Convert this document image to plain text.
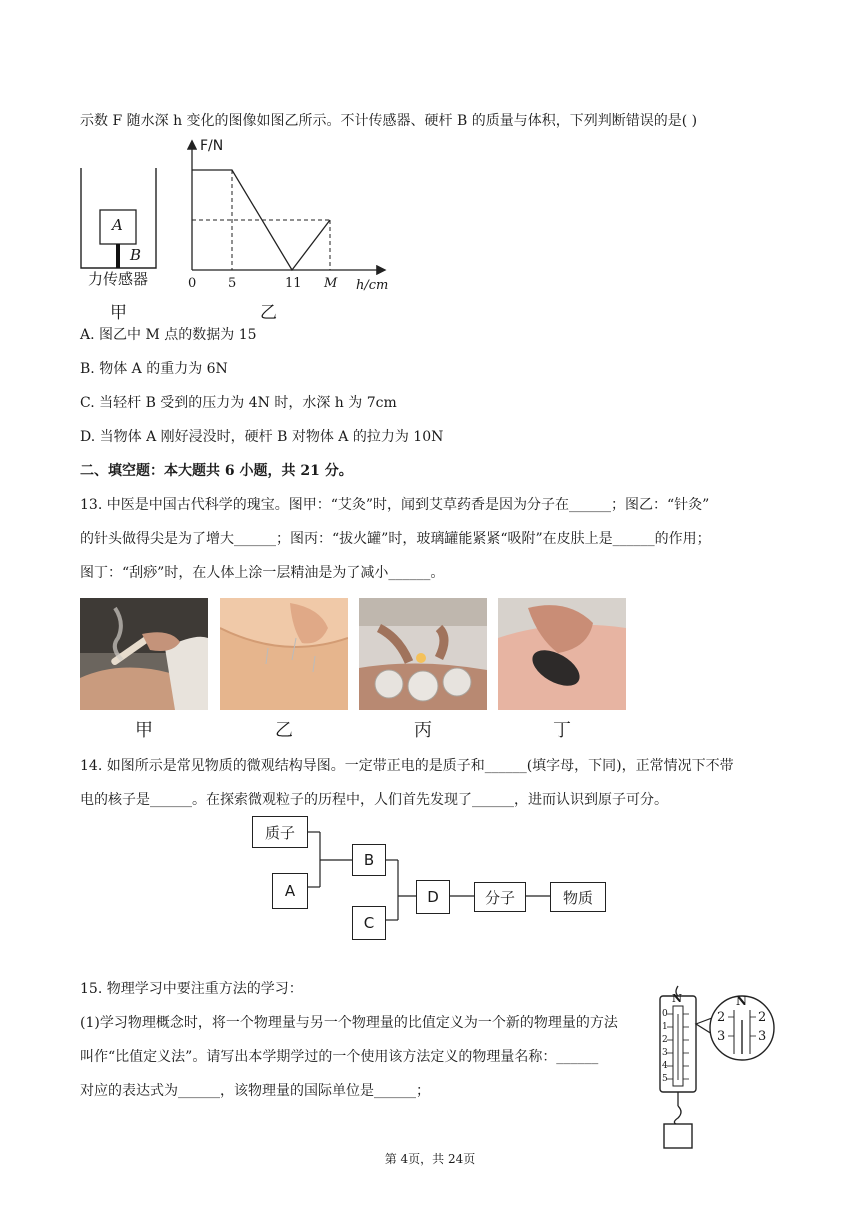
示数 F 随水深 h 变化的图像如图乙所示。不计传感器、硬杆 B 的质量与体积，下列判断错误的是( )
A
B
力传感器
甲
F/N
h/cm
0 5	11 M
乙
A. 图乙中 M 点的数据为 15
B. 物体 A 的重力为 6N
C. 当轻杆 B 受到的压力为 4N 时，水深 h 为 7cm
D. 当物体 A 刚好浸没时，硬杆 B 对物体 A 的拉力为 10N
二、填空题：本大题共 6 小题，共 21 分。
13. 中医是中国古代科学的瑰宝。图甲：“艾灸”时，闻到艾草药香是因为分子在______；图乙：“针灸”
的针头做得尖是为了增大______；图丙：“拔火罐”时，玻璃罐能紧紧“吸附”在皮肤上是______的作用；
图丁：“刮痧”时，在人体上涂一层精油是为了减小______。
甲	乙	丙	丁
14. 如图所示是常见物质的微观结构导图。一定带正电的是质子和______(填字母，下同)，正常情况下不带
电的核子是______。在探索微观粒子的历程中，人们首先发现了______，进而认识到原子可分。
质子
A
B
C
D	分子	物质
15. 物理学习中要注重方法的学习：
(1)学习物理概念时，将一个物理量与另一个物理量的比值定义为一个新的物理量的方法
叫作“比值定义法”。请写出本学期学过的一个使用该方法定义的物理量名称：______
对应的表达式为______，该物理量的国际单位是______；
N
0
1
2
3
4
5
N
2
3
2
3
第 4页，共 24页
